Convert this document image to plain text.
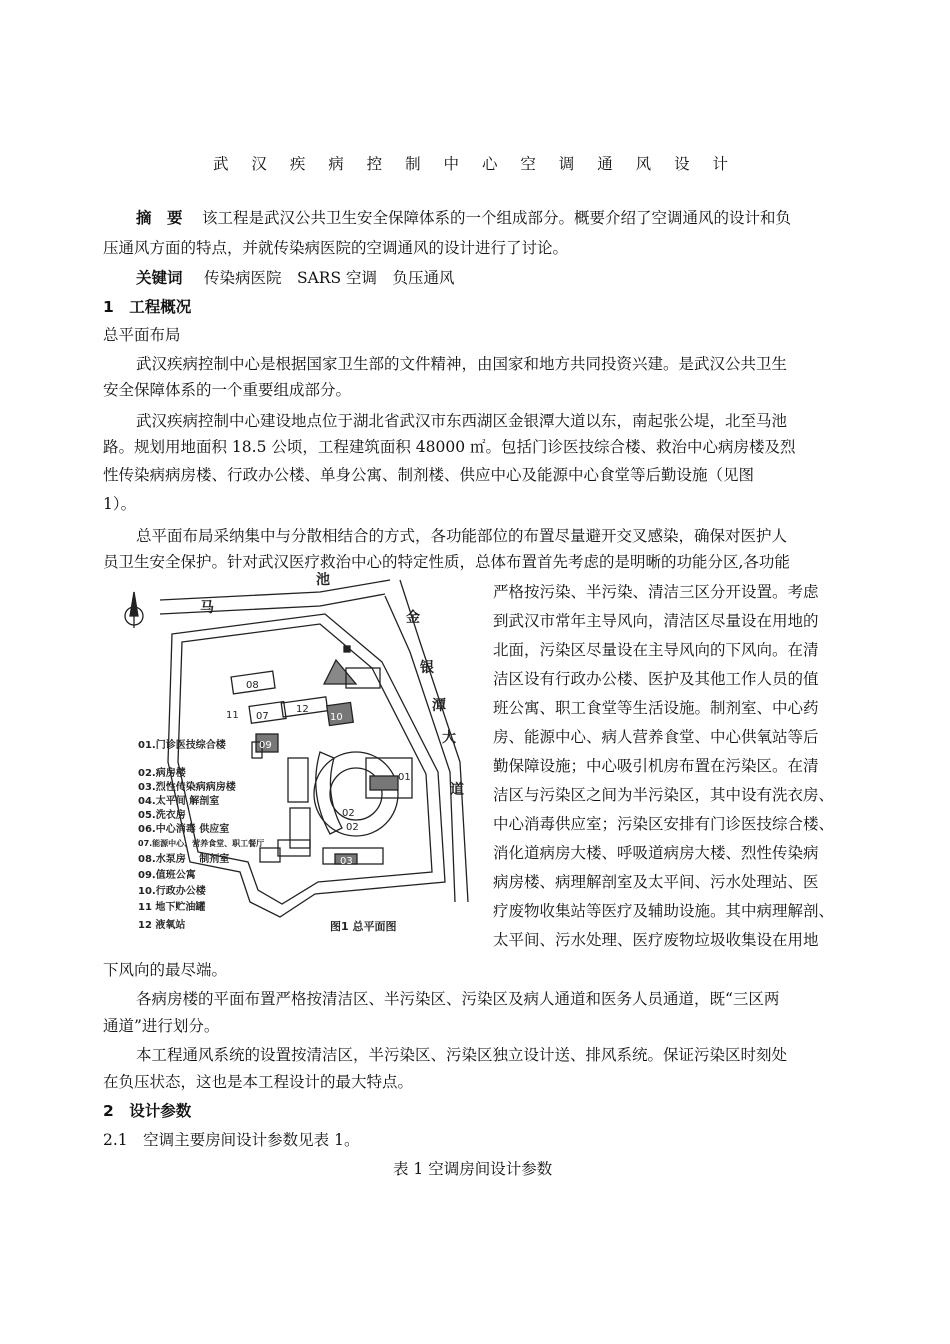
武 汉 疾 病 控 制 中 心 空 调 通 风 设 计
摘　要 该工程是武汉公共卫生安全保障体系的一个组成部分。概要介绍了空调通风的设计和负
压通风方面的特点，并就传染病医院的空调通风的设计进行了讨论。
关键词 传染病医院　SARS 空调　负压通风
1　工程概况
总平面布局
武汉疾病控制中心是根据国家卫生部的文件精神，由国家和地方共同投资兴建。是武汉公共卫生
安全保障体系的一个重要组成部分。
武汉疾病控制中心建设地点位于湖北省武汉市东西湖区金银潭大道以东，南起张公堤，北至马池
路。规划用地面积 18.5 公顷，工程建筑面积 48000 ㎡。包括门诊医技综合楼、救治中心病房楼及烈
性传染病病房楼、行政办公楼、单身公寓、制剂楼、供应中心及能源中心食堂等后勤设施（见图
1）。
总平面布局采纳集中与分散相结合的方式，各功能部位的布置尽量避开交叉感染，确保对医护人
员卫生安全保护。针对武汉医疗救治中心的特定性质，总体布置首先考虑的是明晰的功能分区,各功能
严格按污染、半污染、清洁三区分开设置。考虑
到武汉市常年主导风向，清洁区尽量设在用地的
北面，污染区尽量设在主导风向的下风向。在清
洁区设有行政办公楼、医护及其他工作人员的值
班公寓、职工食堂等生活设施。制剂室、中心药
房、能源中心、病人营养食堂、中心供氧站等后
勤保障设施；中心吸引机房布置在污染区。在清
洁区与污染区之间为半污染区，其中设有洗衣房、
中心消毒供应室；污染区安排有门诊医技综合楼、
消化道病房大楼、呼吸道病房大楼、烈性传染病
病房楼、病理解剖室及太平间、污水处理站、医
疗废物收集站等医疗及辅助设施。其中病理解剖、
太平间、污水处理、医疗废物垃圾收集设在用地
下风向的最尽端。
各病房楼的平面布置严格按清洁区、半污染区、污染区及病人通道和医务人员通道，既“三区两
通道”进行划分。
本工程通风系统的设置按清洁区，半污染区、污染区独立设计送、排风系统。保证污染区时刻处
在负压状态，这也是本工程设计的最大特点。
2　设计参数
2.1　空调主要房间设计参数见表 1。
表 1 空调房间设计参数
马
池
金
银
潭
大
道
08
07
12
10
09
01
02
02
03
11
01.门诊医技综合楼
02.病房楼
03.烈性传染病病房楼
04.太平间 解剖室
05.洗衣房
06.中心消毒 供应室
07.能源中心、营养食堂、职工餐厅
08.水泵房　 制剂室
09.值班公寓
10.行政办公楼
11 地下贮油罐
12 液氧站	图1 总平面图
